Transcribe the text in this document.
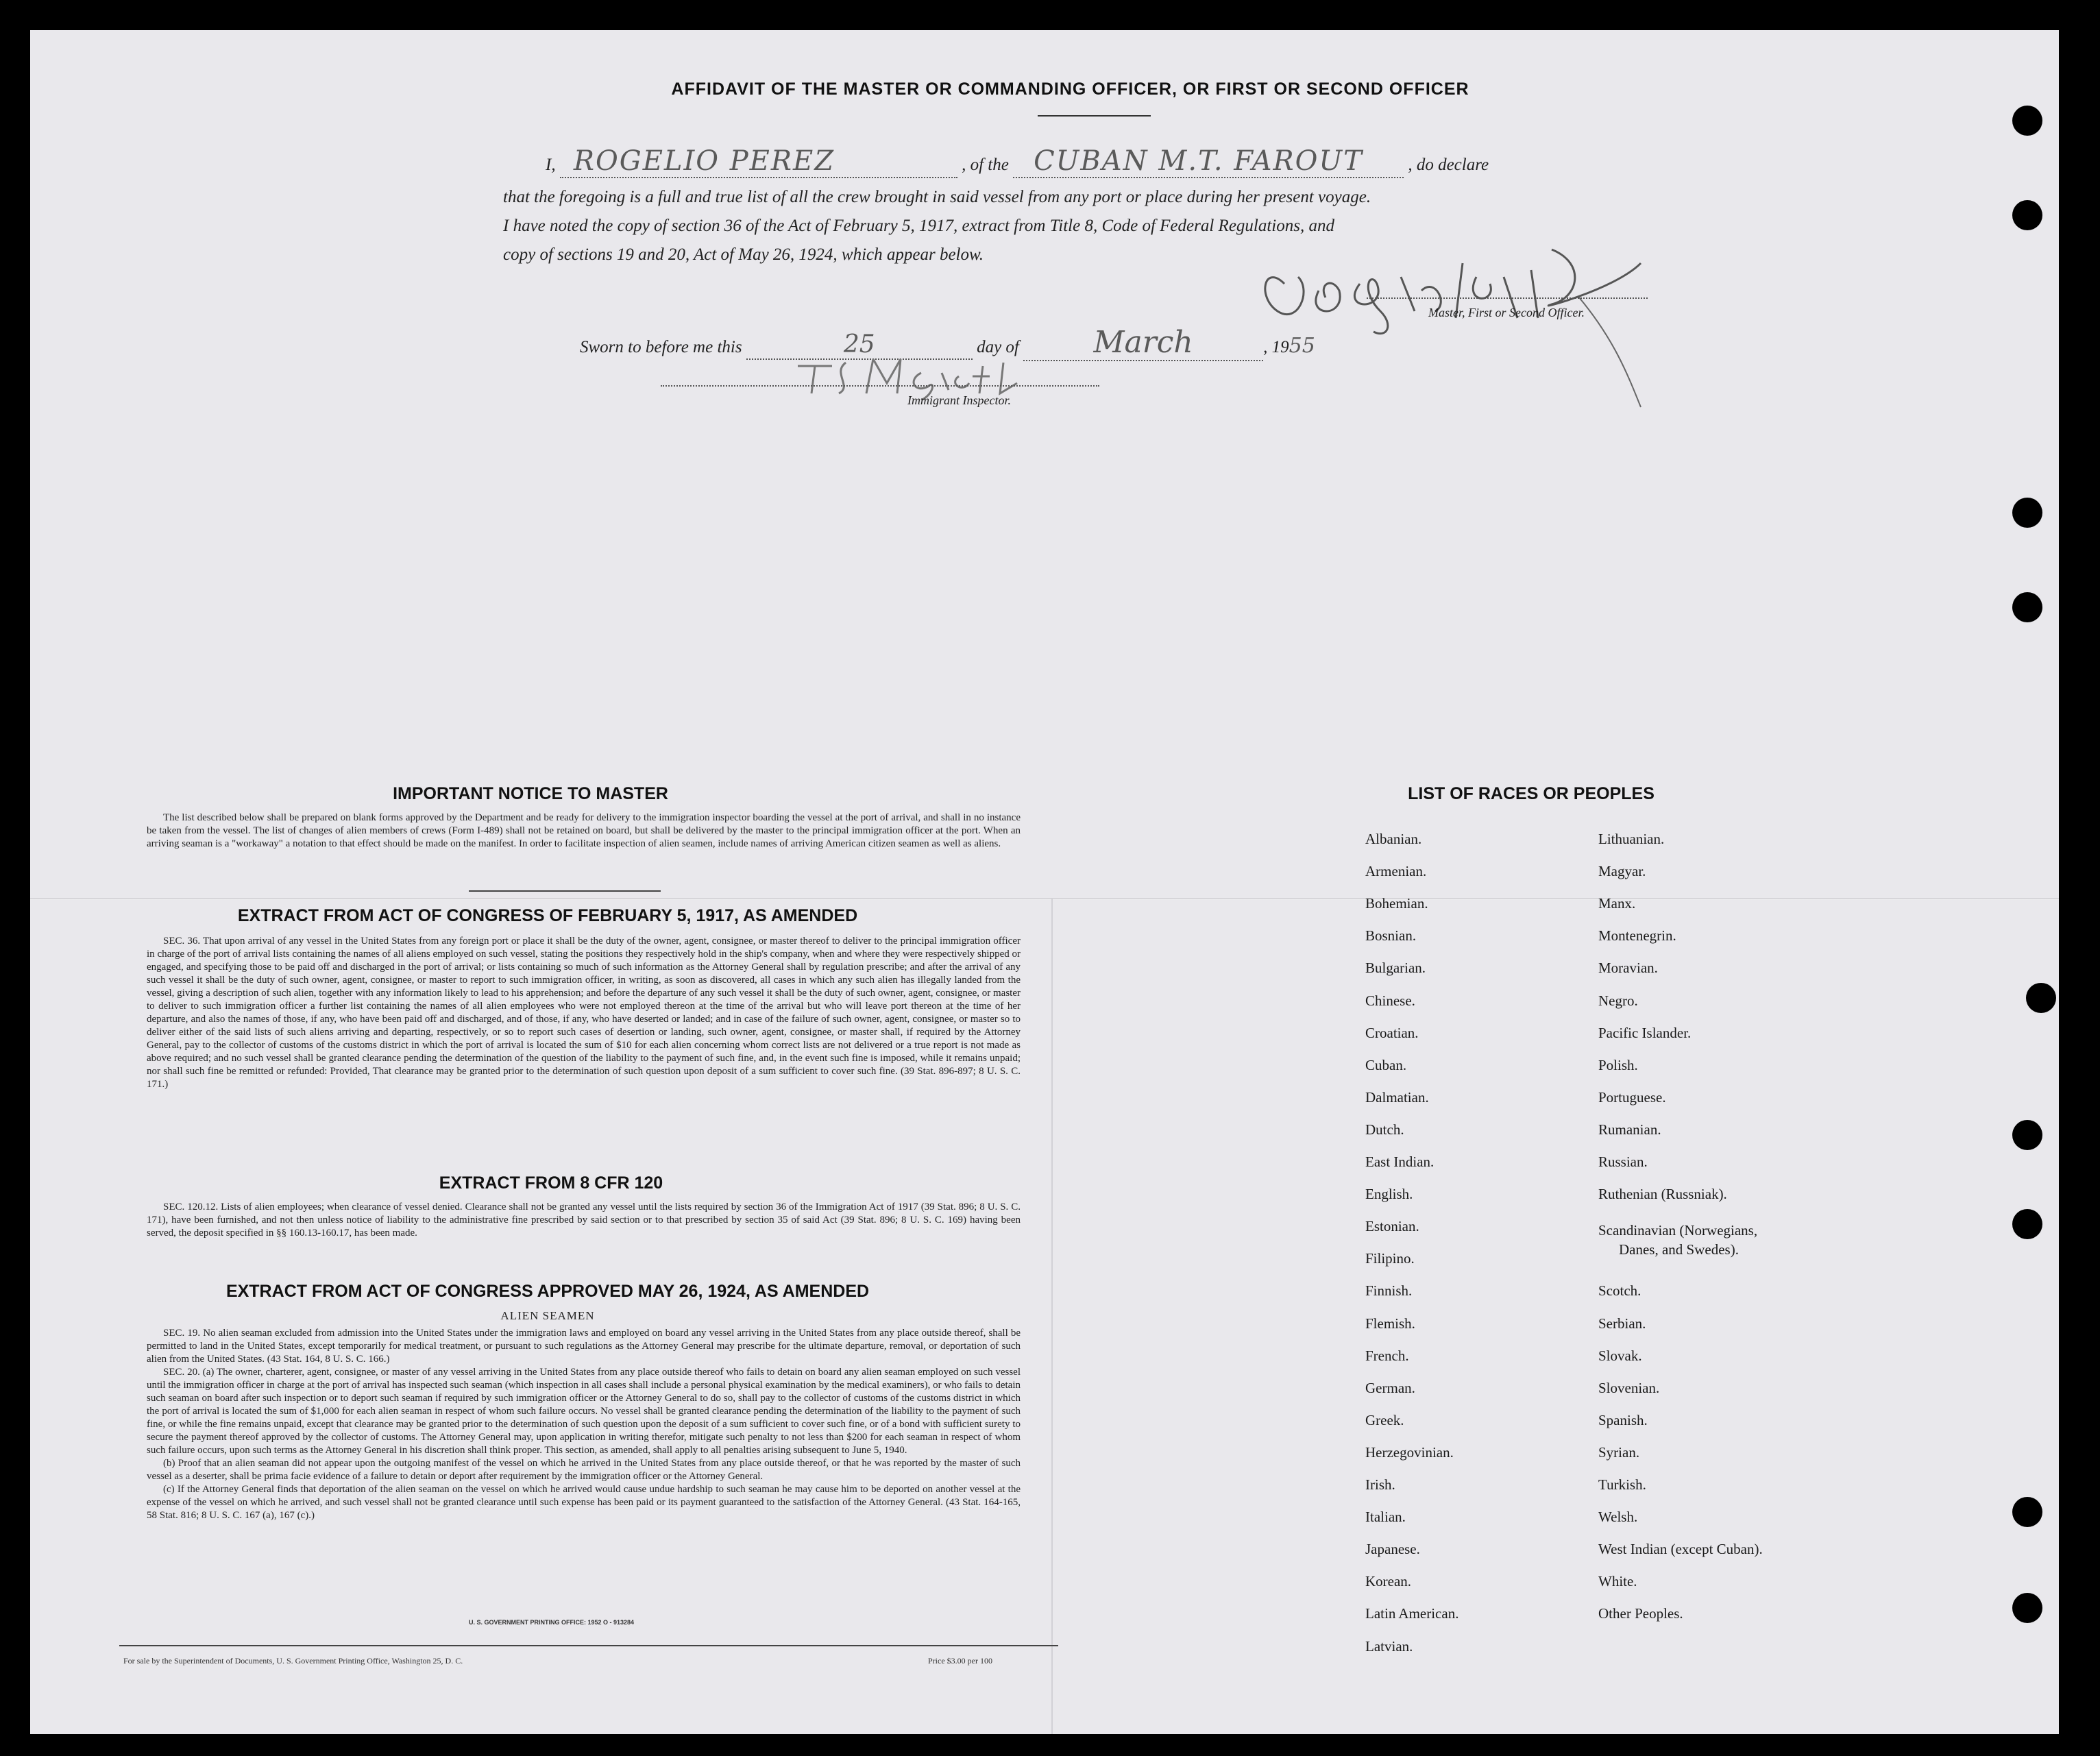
AFFIDAVIT OF THE MASTER OR COMMANDING OFFICER, OR FIRST OR SECOND OFFICER
I, ROGELIO PEREZ	, of the CUBAN M.T. FAROUT	, do declare
that the foregoing is a full and true list of all the crew brought in said vessel from any port or place during her present voyage.
I have noted the copy of section 36 of the Act of February 5, 1917, extract from Title 8, Code of Federal Regulations, and
copy of sections 19 and 20, Act of May 26, 1924, which appear below.
Master, First or Second Officer.
Sworn to before me this	25	day of March	, 1955
Immigrant Inspector.
IMPORTANT NOTICE TO MASTER

The list described below shall be prepared on blank forms approved by the Department and be ready for delivery to the immigration inspector boarding the vessel at the port of arrival, and shall in no instance be taken from the vessel. The list of changes of alien members of crews (Form I-489) shall not be retained on board, but shall be delivered by the master to the principal immigration officer at the port. When an arriving seaman is a "workaway" a notation to that effect should be made on the manifest. In order to facilitate inspection of alien seamen, include names of arriving American citizen seamen as well as aliens.

EXTRACT FROM ACT OF CONGRESS OF FEBRUARY 5, 1917, AS AMENDED

SEC. 36. That upon arrival of any vessel in the United States from any foreign port or place it shall be the duty of the owner, agent, consignee, or master thereof to deliver to the principal immigration officer in charge of the port of arrival lists containing the names of all aliens employed on such vessel, stating the positions they respectively hold in the ship's company, when and where they were respectively shipped or engaged, and specifying those to be paid off and discharged in the port of arrival; or lists containing so much of such information as the Attorney General shall by regulation prescribe; and after the arrival of any such vessel it shall be the duty of such owner, agent, consignee, or master to report to such immigration officer, in writing, as soon as discovered, all cases in which any such alien has illegally landed from the vessel, giving a description of such alien, together with any information likely to lead to his apprehension; and before the departure of any such vessel it shall be the duty of such owner, agent, consignee, or master to deliver to such immigration officer a further list containing the names of all alien employees who were not employed thereon at the time of the arrival but who will leave port thereon at the time of her departure, and also the names of those, if any, who have been paid off and discharged, and of those, if any, who have deserted or landed; and in case of the failure of such owner, agent, consignee, or master so to deliver either of the said lists of such aliens arriving and departing, respectively, or so to report such cases of desertion or landing, such owner, agent, consignee, or master shall, if required by the Attorney General, pay to the collector of customs of the customs district in which the port of arrival is located the sum of $10 for each alien concerning whom correct lists are not delivered or a true report is not made as above required; and no such vessel shall be granted clearance pending the determination of the question of the liability to the payment of such fine, and, in the event such fine is imposed, while it remains unpaid; nor shall such fine be remitted or refunded: Provided, That clearance may be granted prior to the determination of such question upon deposit of a sum sufficient to cover such fine. (39 Stat. 896-897; 8 U. S. C. 171.)

EXTRACT FROM 8 CFR 120

SEC. 120.12. Lists of alien employees; when clearance of vessel denied. Clearance shall not be granted any vessel until the lists required by section 36 of the Immigration Act of 1917 (39 Stat. 896; 8 U. S. C. 171), have been furnished, and not then unless notice of liability to the administrative fine prescribed by said section or to that prescribed by section 35 of said Act (39 Stat. 896; 8 U. S. C. 169) having been served, the deposit specified in §§ 160.13-160.17, has been made.

EXTRACT FROM ACT OF CONGRESS APPROVED MAY 26, 1924, AS AMENDED
ALIEN SEAMEN

SEC. 19. No alien seaman excluded from admission into the United States under the immigration laws and employed on board any vessel arriving in the United States from any place outside thereof, shall be permitted to land in the United States, except temporarily for medical treatment, or pursuant to such regulations as the Attorney General may prescribe for the ultimate departure, removal, or deportation of such alien from the United States. (43 Stat. 164, 8 U. S. C. 166.)

SEC. 20. (a) The owner, charterer, agent, consignee, or master of any vessel arriving in the United States from any place outside thereof who fails to detain on board any alien seaman employed on such vessel until the immigration officer in charge at the port of arrival has inspected such seaman (which inspection in all cases shall include a personal physical examination by the medical examiners), or who fails to detain such seaman on board after such inspection or to deport such seaman if required by such immigration officer or the Attorney General to do so, shall pay to the collector of customs of the customs district in which the port of arrival is located the sum of $1,000 for each alien seaman in respect of whom such failure occurs. No vessel shall be granted clearance pending the determination of the liability to the payment of such fine, or while the fine remains unpaid, except that clearance may be granted prior to the determination of such question upon the deposit of a sum sufficient to cover such fine, or of a bond with sufficient surety to secure the payment thereof approved by the collector of customs. The Attorney General may, upon application in writing therefor, mitigate such penalty to not less than $200 for each seaman in respect of whom such failure occurs, upon such terms as the Attorney General in his discretion shall think proper. This section, as amended, shall apply to all penalties arising subsequent to June 5, 1940.

(b) Proof that an alien seaman did not appear upon the outgoing manifest of the vessel on which he arrived in the United States from any place outside thereof, or that he was reported by the master of such vessel as a deserter, shall be prima facie evidence of a failure to detain or deport after requirement by the immigration officer or the Attorney General.

(c) If the Attorney General finds that deportation of the alien seaman on the vessel on which he arrived would cause undue hardship to such seaman he may cause him to be deported on another vessel at the expense of the vessel on which he arrived, and such vessel shall not be granted clearance until such expense has been paid or its payment guaranteed to the satisfaction of the Attorney General. (43 Stat. 164-165, 58 Stat. 816; 8 U. S. C. 167 (a), 167 (c).)

U. S. GOVERNMENT PRINTING OFFICE: 1952 O - 913284
For sale by the Superintendent of Documents, U. S. Government Printing Office, Washington 25, D. C.	Price $3.00 per 100
LIST OF RACES OR PEOPLES
Albanian.
Armenian.
Bohemian.
Bosnian.
Bulgarian.
Chinese.
Croatian.
Cuban.
Dalmatian.
Dutch.
East Indian.
English.
Estonian.
Filipino.
Finnish.
Flemish.
French.
German.
Greek.
Herzegovinian.
Irish.
Italian.
Japanese.
Korean.
Latin American.
Latvian.
Lithuanian.
Magyar.
Manx.
Montenegrin.
Moravian.
Negro.
Pacific Islander.
Polish.
Portuguese.
Rumanian.
Russian.
Ruthenian (Russniak).
Scandinavian (Norwegians,
Danes, and Swedes).
Scotch.
Serbian.
Slovak.
Slovenian.
Spanish.
Syrian.
Turkish.
Welsh.
West Indian (except Cuban).
White.
Other Peoples.
